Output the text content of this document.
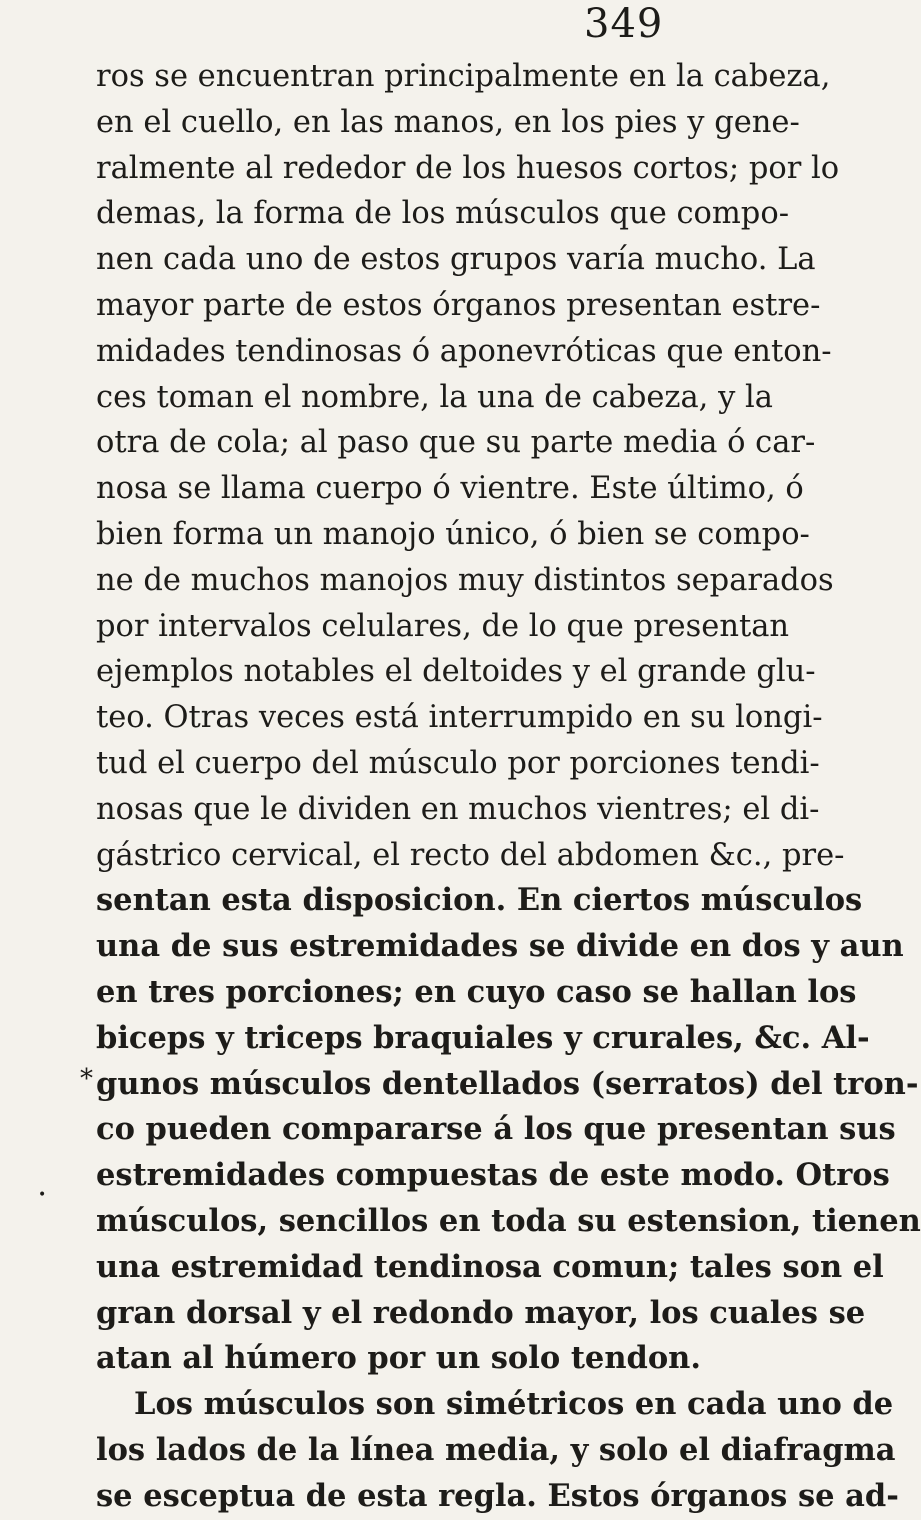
349
ros se encuentran principalmente en la cabeza,
en el cuello, en las manos, en los pies y gene-
ralmente al rededor de los huesos cortos; por lo
demas, la forma de los músculos que compo-
nen cada uno de estos grupos varía mucho. La
mayor parte de estos órganos presentan estre-
midades tendinosas ó aponevróticas que enton-
ces toman el nombre, la una de cabeza, y la
otra de cola; al paso que su parte media ó car-
nosa se llama cuerpo ó vientre. Este último, ó
bien forma un manojo único, ó bien se compo-
ne de muchos manojos muy distintos separados
por intervalos celulares, de lo que presentan
ejemplos notables el deltoides y el grande glu-
teo. Otras veces está interrumpido en su longi-
tud el cuerpo del músculo por porciones tendi-
nosas que le dividen en muchos vientres; el di-
gástrico cervical, el recto del abdomen &c., pre-
sentan esta disposicion. En ciertos músculos
una de sus estremidades se divide en dos y aun
en tres porciones; en cuyo caso se hallan los
biceps y triceps braquiales y crurales, &c. Al-
gunos músculos dentellados (serratos) del tron-
co pueden compararse á los que presentan sus
estremidades compuestas de este modo. Otros
músculos, sencillos en toda su estension, tienen
una estremidad tendinosa comun; tales son el
gran dorsal y el redondo mayor, los cuales se
atan al húmero por un solo tendon.
Los músculos son simétricos en cada uno de
los lados de la línea media, y solo el diafragma
se esceptua de esta regla. Estos órganos se ad-
*
•
